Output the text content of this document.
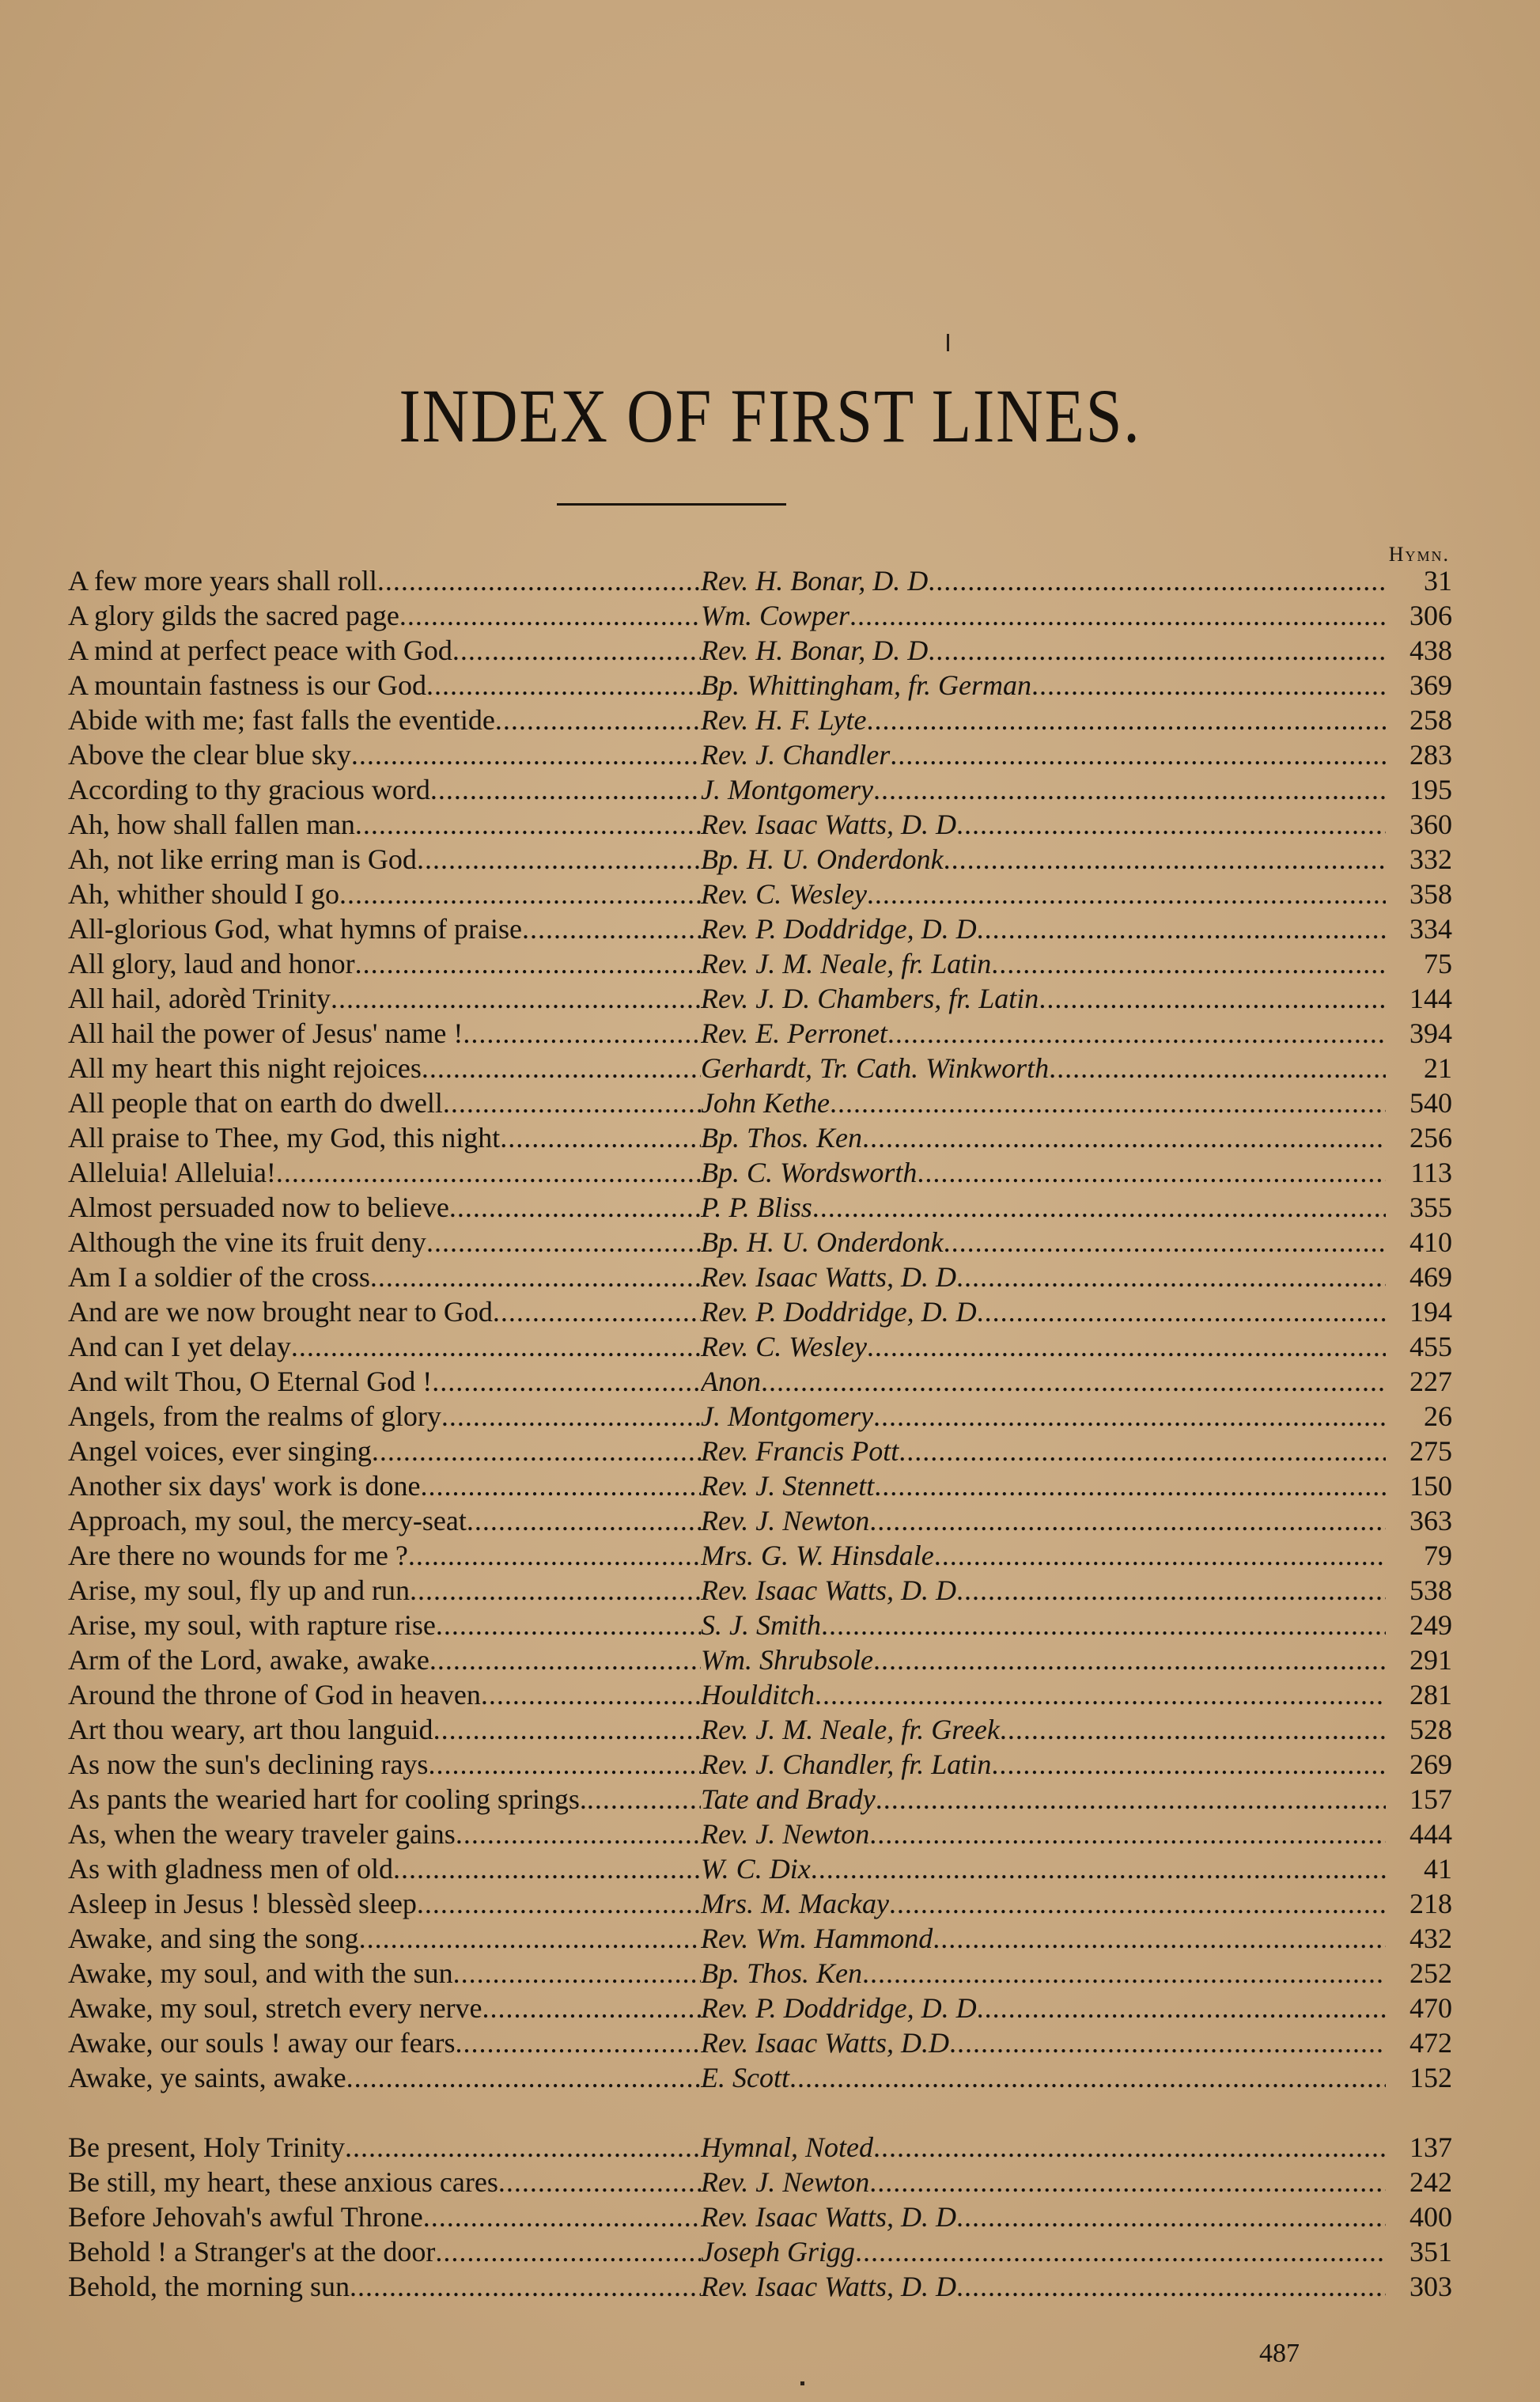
INDEX OF FIRST LINES.
Hymn.
A few more years shall roll .....	Rev. H. Bonar, D. D .....	31
A glory gilds the sacred page .....	Wm. Cowper .....	306
A mind at perfect peace with God .....	Rev. H. Bonar, D. D .....	438
A mountain fastness is our God .....	Bp. Whittingham, fr. German .....	369
Abide with me; fast falls the eventide .....	Rev. H. F. Lyte .....	258
Above the clear blue sky .....	Rev. J. Chandler .....	283
According to thy gracious word .....	J. Montgomery .....	195
Ah, how shall fallen man .....	Rev. Isaac Watts, D. D .....	360
Ah, not like erring man is God .....	Bp. H. U. Onderdonk .....	332
Ah, whither should I go .....	Rev. C. Wesley .....	358
All-glorious God, what hymns of praise .....	Rev. P. Doddridge, D. D .....	334
All glory, laud and honor .....	Rev. J. M. Neale, fr. Latin .....	75
All hail, adorèd Trinity .....	Rev. J. D. Chambers, fr. Latin .....	144
All hail the power of Jesus' name ! .....	Rev. E. Perronet .....	394
All my heart this night rejoices .....	Gerhardt, Tr. Cath. Winkworth .....	21
All people that on earth do dwell .....	John Kethe .....	540
All praise to Thee, my God, this night .....	Bp. Thos. Ken .....	256
Alleluia! Alleluia! .....	Bp. C. Wordsworth .....	113
Almost persuaded now to believe .....	P. P. Bliss .....	355
Although the vine its fruit deny .....	Bp. H. U. Onderdonk .....	410
Am I a soldier of the cross .....	Rev. Isaac Watts, D. D .....	469
And are we now brought near to God .....	Rev. P. Doddridge, D. D .....	194
And can I yet delay .....	Rev. C. Wesley .....	455
And wilt Thou, O Eternal God ! .....	Anon .....	227
Angels, from the realms of glory .....	J. Montgomery .....	26
Angel voices, ever singing .....	Rev. Francis Pott .....	275
Another six days' work is done .....	Rev. J. Stennett .....	150
Approach, my soul, the mercy-seat .....	Rev. J. Newton .....	363
Are there no wounds for me ? .....	Mrs. G. W. Hinsdale .....	79
Arise, my soul, fly up and run .....	Rev. Isaac Watts, D. D .....	538
Arise, my soul, with rapture rise .....	S. J. Smith .....	249
Arm of the Lord, awake, awake .....	Wm. Shrubsole .....	291
Around the throne of God in heaven .....	Houlditch .....	281
Art thou weary, art thou languid .....	Rev. J. M. Neale, fr. Greek .....	528
As now the sun's declining rays .....	Rev. J. Chandler, fr. Latin .....	269
As pants the wearied hart for cooling springs. .....	Tate and Brady .....	157
As, when the weary traveler gains .....	Rev. J. Newton .....	444
As with gladness men of old .....	W. C. Dix .....	41
Asleep in Jesus ! blessèd sleep .....	Mrs. M. Mackay .....	218
Awake, and sing the song .....	Rev. Wm. Hammond .....	432
Awake, my soul, and with the sun .....	Bp. Thos. Ken .....	252
Awake, my soul, stretch every nerve .....	Rev. P. Doddridge, D. D .....	470
Awake, our souls ! away our fears .....	Rev. Isaac Watts, D.D .....	472
Awake, ye saints, awake .....	E. Scott .....	152
Be present, Holy Trinity .....	Hymnal, Noted .....	137
Be still, my heart, these anxious cares .....	Rev. J. Newton .....	242
Before Jehovah's awful Throne .....	Rev. Isaac Watts, D. D .....	400
Behold ! a Stranger's at the door .....	Joseph Grigg .....	351
Behold, the morning sun .....	Rev. Isaac Watts, D. D .....	303
487
